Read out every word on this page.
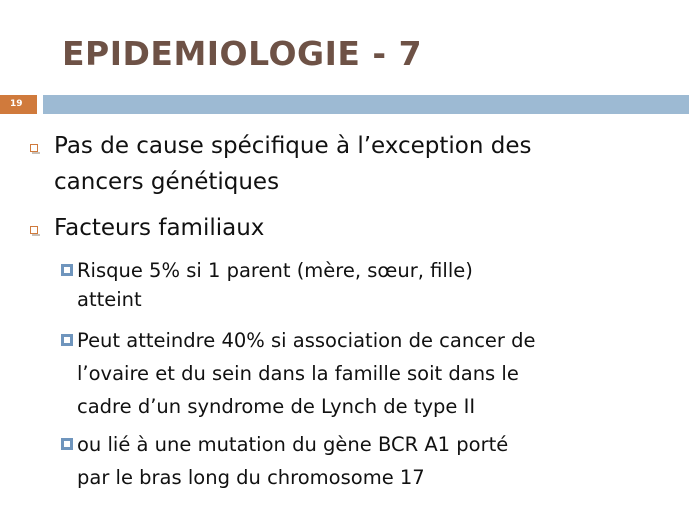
EPIDEMIOLOGIE - 7
19
Pas de cause spécifique à l’exception des
cancers génétiques
Facteurs familiaux
Risque 5% si 1 parent (mère, sœur, fille)
atteint
Peut atteindre 40% si association de cancer de
l’ovaire et du sein dans la famille soit dans le
cadre d’un syndrome de Lynch de type II
ou lié à une mutation du gène BCR A1 porté
par le bras long du chromosome 17
